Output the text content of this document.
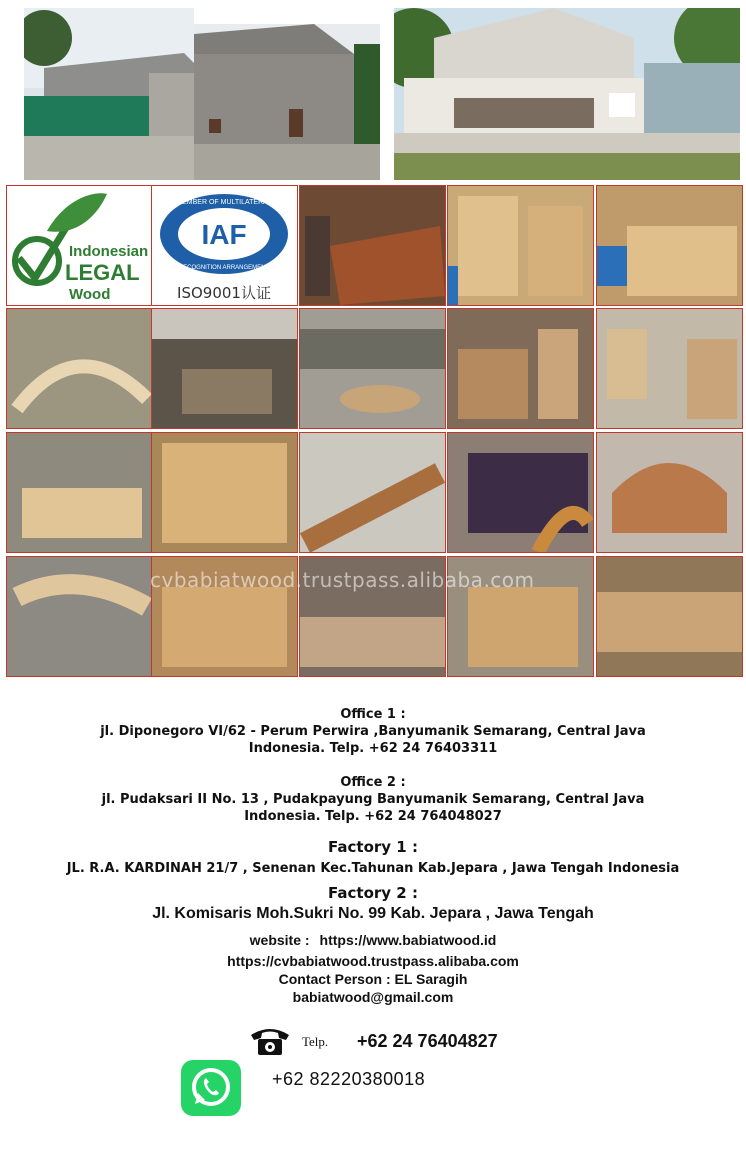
Indonesian
LEGAL
Wood
IAF
MEMBER OF MULTILATERAL
RECOGNITION ARRANGEMENT
ISO9001认证
cvbabiatwood.trustpass.alibaba.com
Office 1 :
jl. Diponegoro VI/62 - Perum Perwira ,Banyumanik Semarang, Central Java
Indonesia. Telp. +62 24 76403311
Office 2 :
jl. Pudaksari II No. 13 , Pudakpayung Banyumanik Semarang, Central Java
Indonesia. Telp. +62 24 764048027
Factory 1 :
JL. R.A. KARDINAH 21/7 , Senenan Kec.Tahunan Kab.Jepara , Jawa Tengah Indonesia
Factory 2 :
Jl. Komisaris Moh.Sukri No. 99 Kab. Jepara , Jawa Tengah
website : https://www.babiatwood.id
https://cvbabiatwood.trustpass.alibaba.com
Contact Person : EL Saragih
babiatwood@gmail.com
Telp. +62 24 76404827
+62 82220380018
